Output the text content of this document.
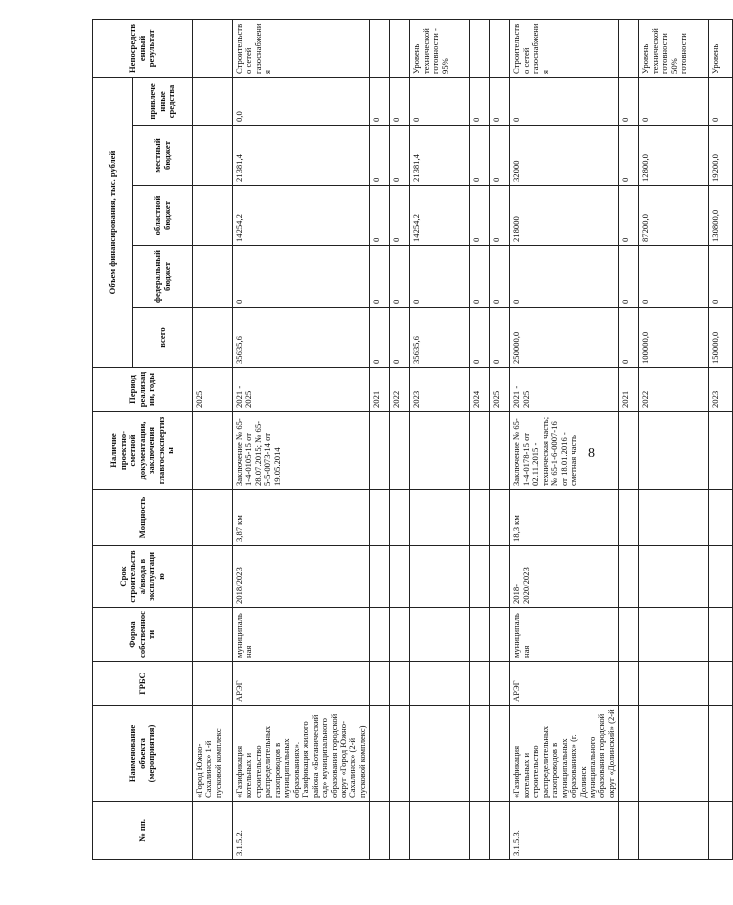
8
№ пп.	Наименование объекта (мероприятия)	ГРБС	Форма собственности	Срок строительства/ввода в эксплуатацию	Мощность	Наличие проектно-сметной документации, заключения главгосэкспертизы	Период реализации, годы	Объем финансирования, тыс. рублей					Непосредственный результат
								всего	федеральный бюджет	областной бюджет	местный бюджет	привлеченные средства	
	«Город Южно-Сахалинск» 1-й пусковой комплекс						2025						
3.1.5.2.	«Газификация котельных и строительство распределительных газопроводов в муниципальных образованиях». Газификация жилого района «Ботанический сад» муниципального образования городской округ «Город Южно-Сахалинск» (2-й пусковой комплекс)	АРЭГ	муниципальная	2018/2023	3,87 км	Заключение № 65-1-4-0105-15 от 28.07.2015; № 65-5-5-0073-14 от 19.05.2014	2021 - 2025	35635,6	0	14254,2	21381,4	0,0	Строительство сетей газоснабжения
							2021	0	0	0	0	0	
							2022	0	0	0	0	0	
							2023	35635,6	0	14254,2	21381,4	0	Уровень технической готовности - 95%
							2024	0	0	0	0	0	
							2025	0	0	0	0	0	
3.1.5.3.	«Газификация котельных и строительство распределительных газопроводов в муниципальных образованиях» (г. Долинск муниципального образования городской округ «Долинский» (2-й	АРЭГ	муниципальная	2018-2020/2023	18,3 км	Заключение № 65-1-4-0178-15 от 02.11.2015 - техническая часть; № 65-1-6-0007-16 от 18.01.2016 - сметная часть	2021 - 2025	250000,0	0	218000	32000	0	Строительство сетей газоснабжения
							2021	0	0	0	0	0	
							2022	100000,0	0	87200,0	12800,0	0	Уровень технической готовности 50% готовности
							2023	150000,0	0	130800,0	19200,0	0	Уровень
